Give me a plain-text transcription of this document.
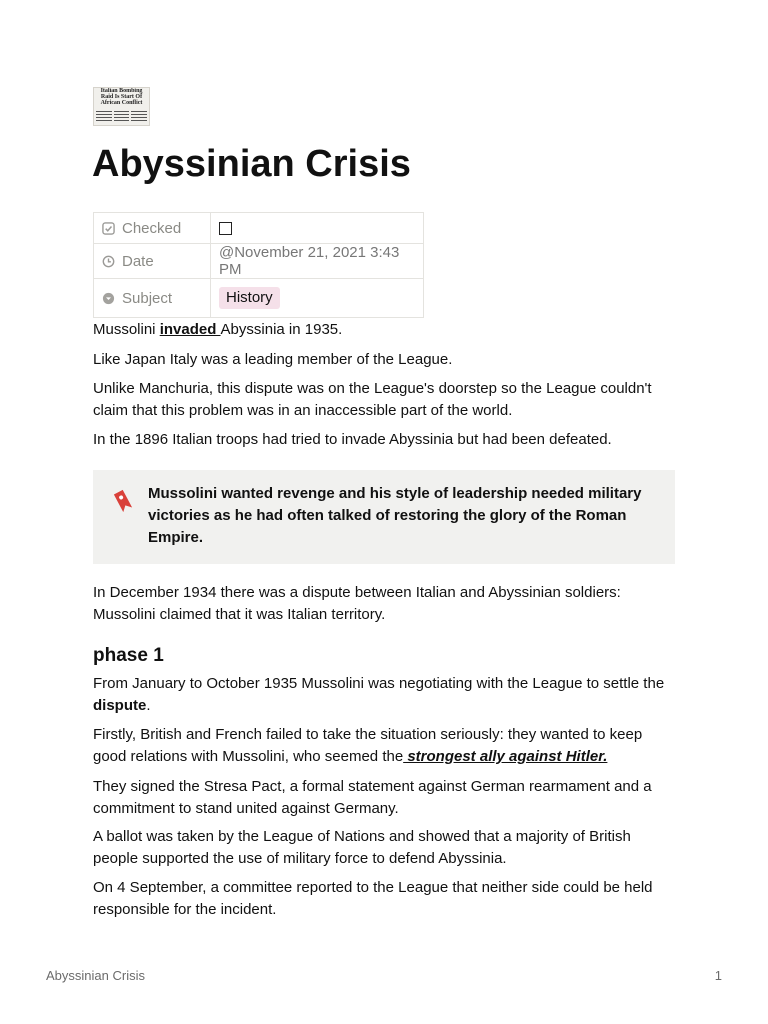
Italian Bombing
Raid Is Start Of
African Conflict
Abyssinian Crisis
Checked	
Date	@November 21, 2021 3:43 PM
Subject	History

Mussolini invaded Abyssinia in 1935.

Like Japan Italy was a leading member of the League.

Unlike Manchuria, this dispute was on the League's doorstep so the League couldn't claim that this problem was in an inaccessible part of the world.

In the 1896 Italian troops had tried to invade Abyssinia but had been defeated.

Mussolini wanted revenge and his style of leadership needed military victories as he had often talked of restoring the glory of the Roman Empire.

In December 1934 there was a dispute between Italian and Abyssinian soldiers: Mussolini claimed that it was Italian territory.

phase 1

From January to October 1935 Mussolini was negotiating with the League to settle the dispute.

Firstly, British and French failed to take the situation seriously: they wanted to keep good relations with Mussolini, who seemed the strongest ally against Hitler.

They signed the Stresa Pact, a formal statement against German rearmament and a commitment to stand united against Germany.

A ballot was taken by the League of Nations and showed that a majority of British people supported the use of military force to defend Abyssinia.

On 4 September, a committee reported to the League that neither side could be held responsible for the incident.

Abyssinian Crisis	1
